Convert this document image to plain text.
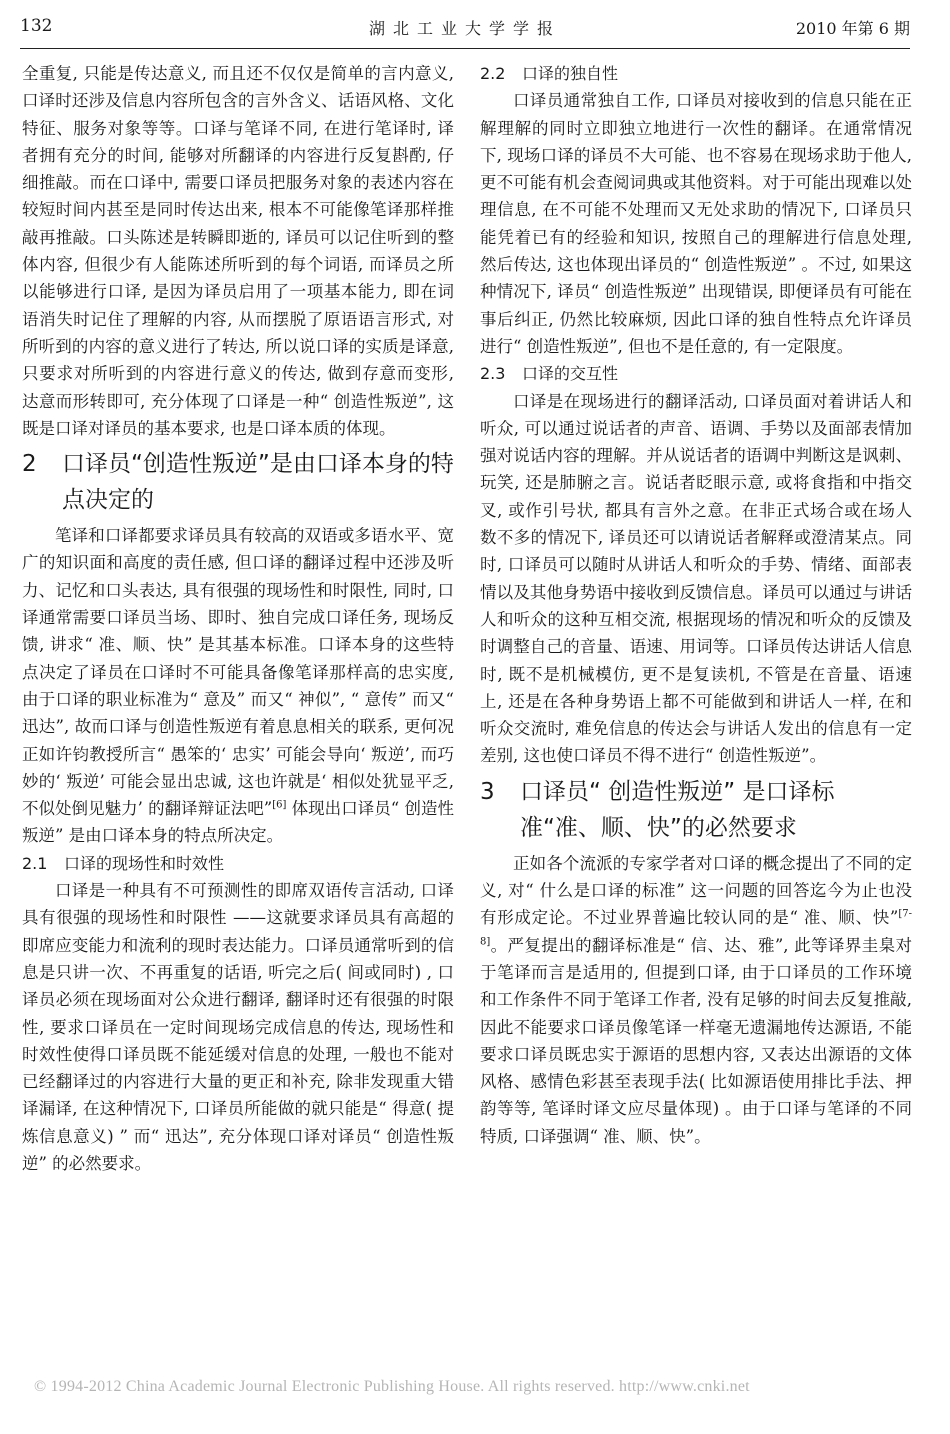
132	湖北工业大学学报	2010 年第 6 期

全重复, 只能是传达意义, 而且还不仅仅是简单的言内意义, 口译时还涉及信息内容所包含的言外含义、话语风格、文化特征、服务对象等等。口译与笔译不同, 在进行笔译时, 译者拥有充分的时间, 能够对所翻译的内容进行反复斟酌, 仔细推敲。而在口译中, 需要口译员把服务对象的表述内容在较短时间内甚至是同时传达出来, 根本不可能像笔译那样推敲再推敲。口头陈述是转瞬即逝的, 译员可以记住听到的整体内容, 但很少有人能陈述所听到的每个词语, 而译员之所以能够进行口译, 是因为译员启用了一项基本能力, 即在词语消失时记住了理解的内容, 从而摆脱了原语语言形式, 对所听到的内容的意义进行了转达, 所以说口译的实质是译意, 只要求对所听到的内容进行意义的传达, 做到存意而变形, 达意而形转即可, 充分体现了口译是一种“ 创造性叛逆”, 这既是口译对译员的基本要求, 也是口译本质的体现。

2	口译员“创造性叛逆”是由口译本身的特点决定的

笔译和口译都要求译员具有较高的双语或多语水平、宽广的知识面和高度的责任感, 但口译的翻译过程中还涉及听力、记忆和口头表达, 具有很强的现场性和时限性, 同时, 口译通常需要口译员当场、即时、独自完成口译任务, 现场反馈, 讲求“ 准、顺、快” 是其基本标准。口译本身的这些特点决定了译员在口译时不可能具备像笔译那样高的忠实度, 由于口译的职业标准为“ 意及” 而又“ 神似”, “ 意传” 而又“ 迅达”, 故而口译与创造性叛逆有着息息相关的联系, 更何况正如许钧教授所言“ 愚笨的‘ 忠实’ 可能会导向‘ 叛逆’, 而巧妙的‘ 叛逆’ 可能会显出忠诚, 这也许就是‘ 相似处犹显平乏, 不似处倒见魅力’ 的翻译辩证法吧”[6] 体现出口译员“ 创造性叛逆” 是由口译本身的特点所决定。

2.1 口译的现场性和时效性

口译是一种具有不可预测性的即席双语传言活动, 口译具有很强的现场性和时限性 ——这就要求译员具有高超的即席应变能力和流利的现时表达能力。口译员通常听到的信息是只讲一次、不再重复的话语, 听完之后( 间或同时) , 口译员必须在现场面对公众进行翻译, 翻译时还有很强的时限性, 要求口译员在一定时间现场完成信息的传达, 现场性和时效性使得口译员既不能延缓对信息的处理, 一般也不能对已经翻译过的内容进行大量的更正和补充, 除非发现重大错译漏译, 在这种情况下, 口译员所能做的就只能是“ 得意( 提炼信息意义) ” 而“ 迅达”, 充分体现口译对译员“ 创造性叛逆” 的必然要求。

2.2 口译的独自性

口译员通常独自工作, 口译员对接收到的信息只能在正解理解的同时立即独立地进行一次性的翻译。在通常情况下, 现场口译的译员不大可能、也不容易在现场求助于他人, 更不可能有机会查阅词典或其他资料。对于可能出现难以处理信息, 在不可能不处理而又无处求助的情况下, 口译员只能凭着已有的经验和知识, 按照自己的理解进行信息处理, 然后传达, 这也体现出译员的“ 创造性叛逆” 。不过, 如果这种情况下, 译员“ 创造性叛逆” 出现错误, 即便译员有可能在事后纠正, 仍然比较麻烦, 因此口译的独自性特点允许译员进行“ 创造性叛逆”, 但也不是任意的, 有一定限度。

2.3 口译的交互性

口译是在现场进行的翻译活动, 口译员面对着讲话人和听众, 可以通过说话者的声音、语调、手势以及面部表情加强对说话内容的理解。并从说话者的语调中判断这是讽刺、玩笑, 还是肺腑之言。说话者眨眼示意, 或将食指和中指交叉, 或作引号状, 都具有言外之意。在非正式场合或在场人数不多的情况下, 译员还可以请说话者解释或澄清某点。同时, 口译员可以随时从讲话人和听众的手势、情绪、面部表情以及其他身势语中接收到反馈信息。译员可以通过与讲话人和听众的这种互相交流, 根据现场的情况和听众的反馈及时调整自己的音量、语速、用词等。口译员传达讲话人信息时, 既不是机械模仿, 更不是复读机, 不管是在音量、语速上, 还是在各种身势语上都不可能做到和讲话人一样, 在和听众交流时, 难免信息的传达会与讲话人发出的信息有一定差别, 这也使口译员不得不进行“ 创造性叛逆”。

3	口译员“ 创造性叛逆” 是口译标准“准、顺、快”的必然要求

正如各个流派的专家学者对口译的概念提出了不同的定义, 对“ 什么是口译的标准” 这一问题的回答迄今为止也没有形成定论。不过业界普遍比较认同的是“ 准、顺、快”[7-8]。严复提出的翻译标准是“ 信、达、雅”, 此等译界圭臬对于笔译而言是适用的, 但提到口译, 由于口译员的工作环境和工作条件不同于笔译工作者, 没有足够的时间去反复推敲, 因此不能要求口译员像笔译一样毫无遗漏地传达源语, 不能要求口译员既忠实于源语的思想内容, 又表达出源语的文体风格、感情色彩甚至表现手法( 比如源语使用排比手法、押韵等等, 笔译时译文应尽量体现) 。由于口译与笔译的不同特质, 口译强调“ 准、顺、快”。

© 1994-2012 China Academic Journal Electronic Publishing House. All rights reserved. http://www.cnki.net
